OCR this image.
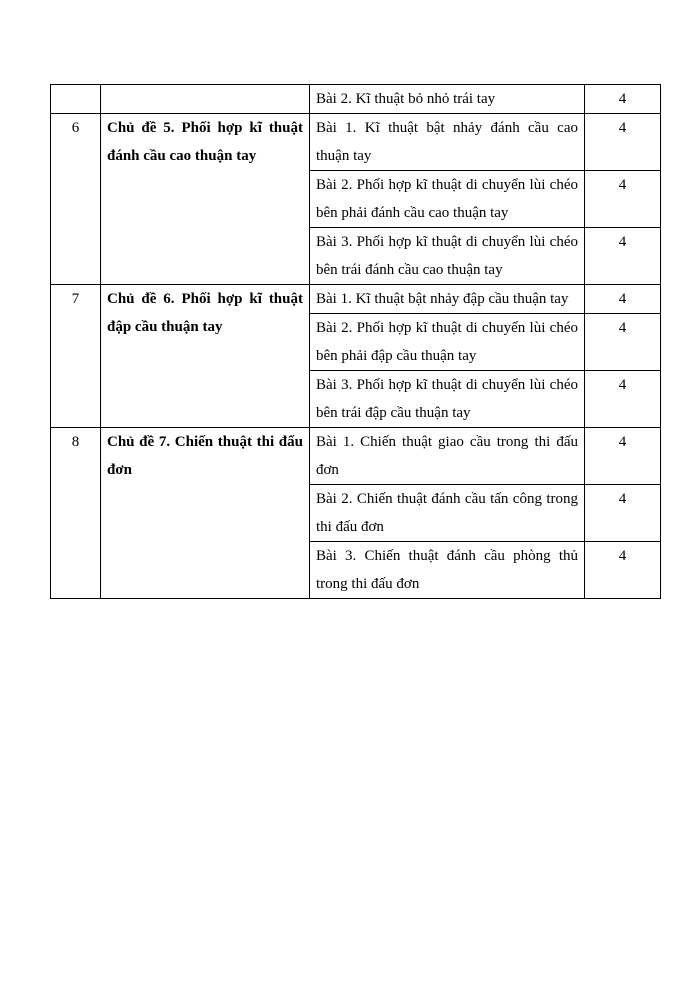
		Bài 2. Kĩ thuật bỏ nhỏ trái tay	4
6	Chủ đề 5. Phối hợp kĩ thuật đánh cầu cao thuận tay	Bài 1. Kĩ thuật bật nhảy đánh cầu cao thuận tay	4
		Bài 2. Phối hợp kĩ thuật di chuyển lùi chéo bên phải đánh cầu cao thuận tay	4
		Bài 3. Phối hợp kĩ thuật di chuyển lùi chéo bên trái đánh cầu cao thuận tay	4
7	Chủ đề 6. Phối hợp kĩ thuật đập cầu thuận tay	Bài 1. Kĩ thuật bật nhảy đập cầu thuận tay	4
		Bài 2. Phối hợp kĩ thuật di chuyển lùi chéo bên phải đập cầu thuận tay	4
		Bài 3. Phối hợp kĩ thuật di chuyển lùi chéo bên trái đập cầu thuận tay	4
8	Chủ đề 7. Chiến thuật thi đấu đơn	Bài 1. Chiến thuật giao cầu trong thi đấu đơn	4
		Bài 2. Chiến thuật đánh cầu tấn công trong thi đấu đơn	4
		Bài 3. Chiến thuật đánh cầu phòng thủ trong thi đấu đơn	4
